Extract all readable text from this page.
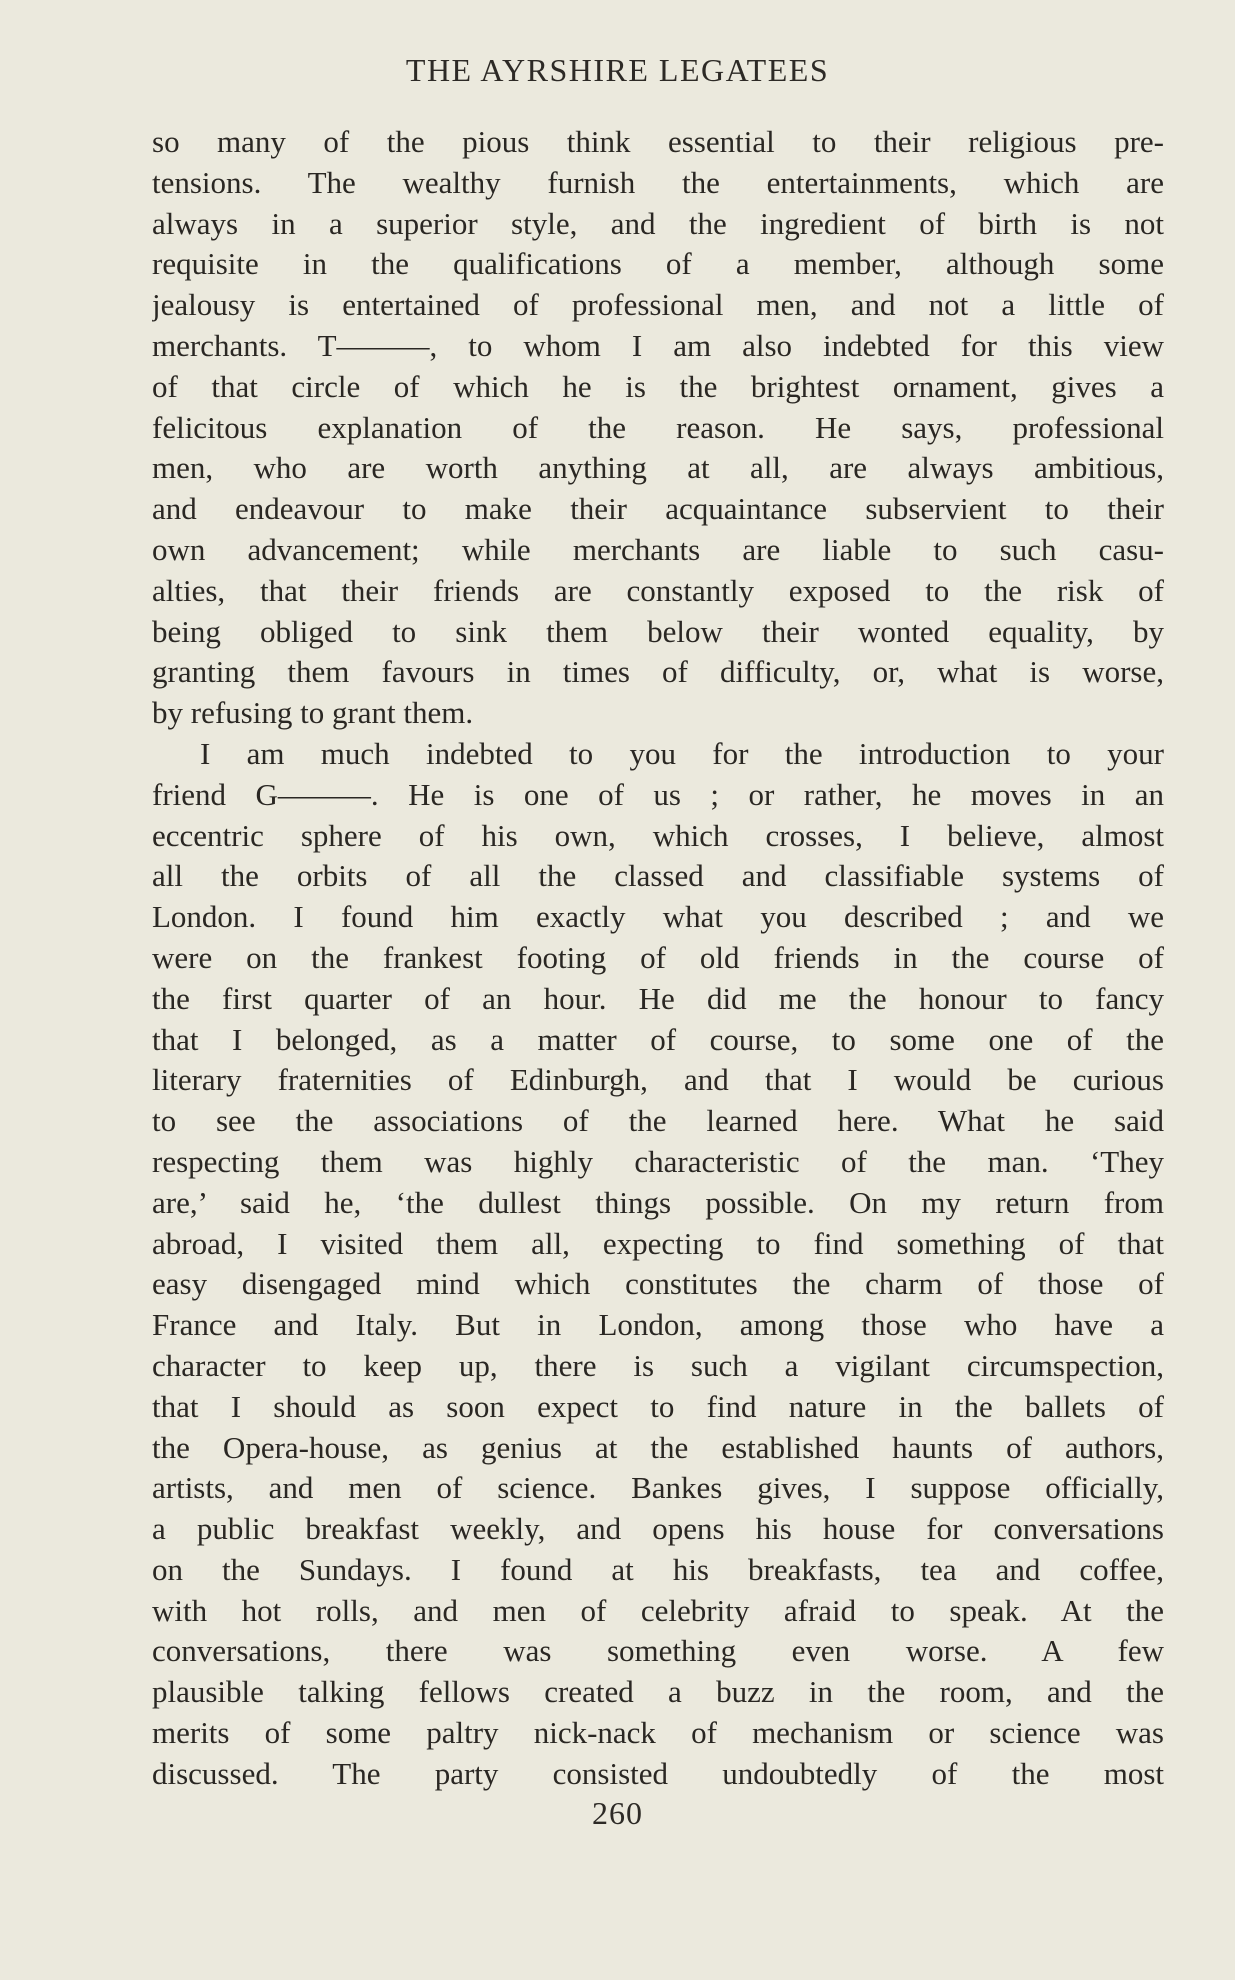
THE AYRSHIRE LEGATEES
so many of the pious think essential to their religious pre-
tensions. The wealthy furnish the entertainments, which are
always in a superior style, and the ingredient of birth is not
requisite in the qualifications of a member, although some
jealousy is entertained of professional men, and not a little of
merchants. T———, to whom I am also indebted for this view
of that circle of which he is the brightest ornament, gives a
felicitous explanation of the reason. He says, professional
men, who are worth anything at all, are always ambitious,
and endeavour to make their acquaintance subservient to their
own advancement; while merchants are liable to such casu-
alties, that their friends are constantly exposed to the risk of
being obliged to sink them below their wonted equality, by
granting them favours in times of difficulty, or, what is worse,
by refusing to grant them.
I am much indebted to you for the introduction to your
friend G———. He is one of us ; or rather, he moves in an
eccentric sphere of his own, which crosses, I believe, almost
all the orbits of all the classed and classifiable systems of
London. I found him exactly what you described ; and we
were on the frankest footing of old friends in the course of
the first quarter of an hour. He did me the honour to fancy
that I belonged, as a matter of course, to some one of the
literary fraternities of Edinburgh, and that I would be curious
to see the associations of the learned here. What he said
respecting them was highly characteristic of the man. ‘They
are,’ said he, ‘the dullest things possible. On my return from
abroad, I visited them all, expecting to find something of that
easy disengaged mind which constitutes the charm of those of
France and Italy. But in London, among those who have a
character to keep up, there is such a vigilant circumspection,
that I should as soon expect to find nature in the ballets of
the Opera-house, as genius at the established haunts of authors,
artists, and men of science. Bankes gives, I suppose officially,
a public breakfast weekly, and opens his house for conversations
on the Sundays. I found at his breakfasts, tea and coffee,
with hot rolls, and men of celebrity afraid to speak. At the
conversations, there was something even worse. A few
plausible talking fellows created a buzz in the room, and the
merits of some paltry nick-nack of mechanism or science was
discussed. The party consisted undoubtedly of the most
260
